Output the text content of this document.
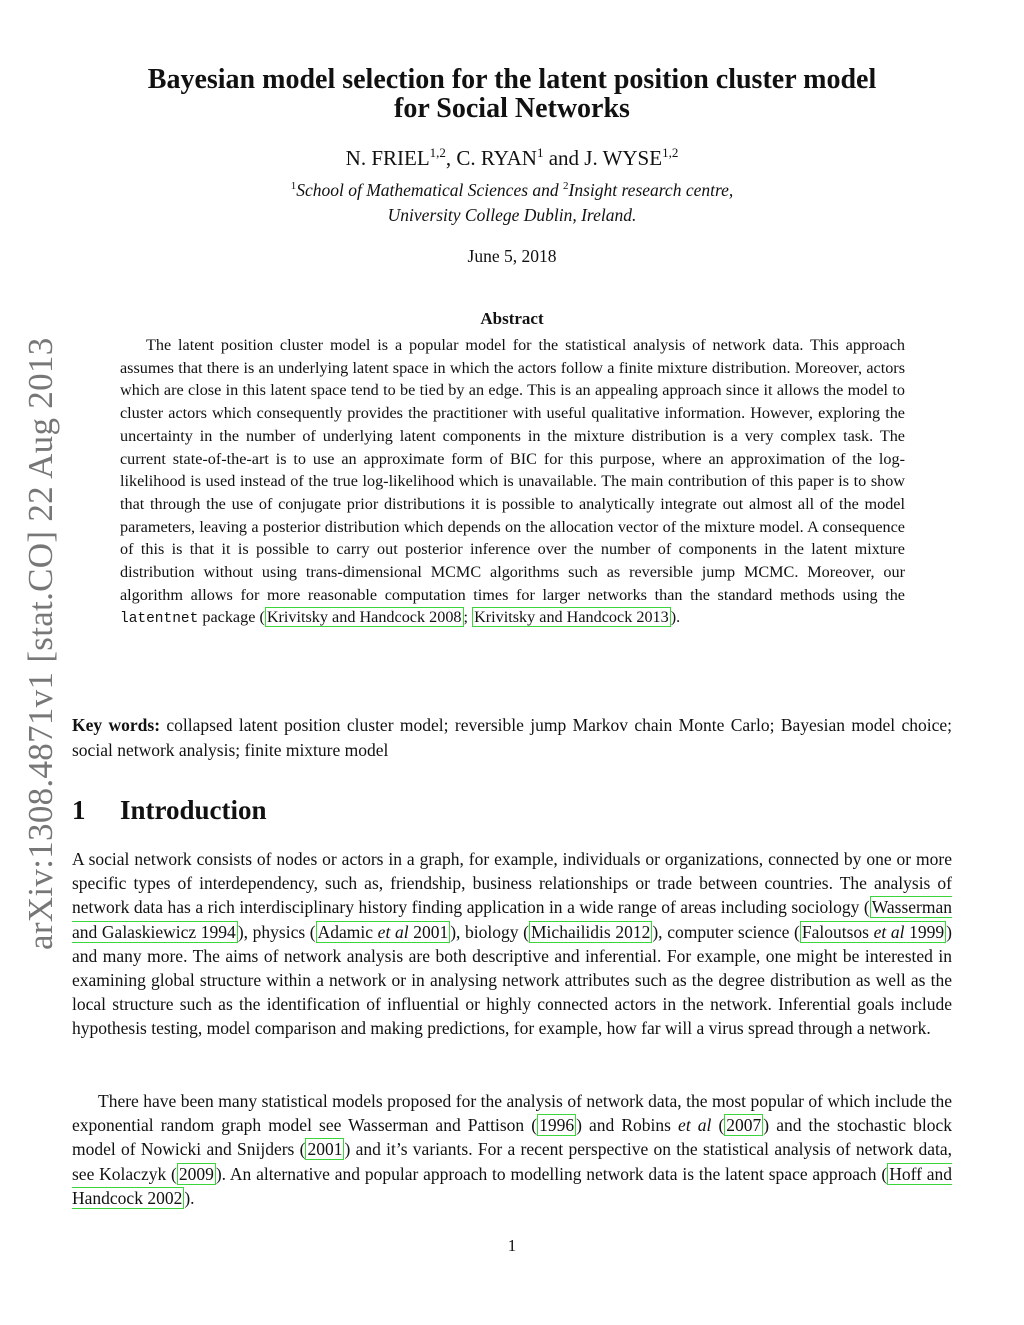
arXiv:1308.4871v1 [stat.CO] 22 Aug 2013
Bayesian model selection for the latent position cluster model
for Social Networks
N. FRIEL$^{1,2}$, C. RYAN$^1$ and J. WYSE$^{1,2}$
$^1$School of Mathematical Sciences and $^2$Insight research centre,
University College Dublin, Ireland.
June 5, 2018
Abstract

The latent position cluster model is a popular model for the statistical analysis of network data. This approach assumes that there is an underlying latent space in which the actors follow a finite mixture distribution. Moreover, actors which are close in this latent space tend to be tied by an edge. This is an appealing approach since it allows the model to cluster actors which consequently provides the practitioner with useful qualitative information. However, exploring the uncertainty in the number of underlying latent components in the mixture distribution is a very complex task. The current state-of-the-art is to use an approximate form of BIC for this purpose, where an approximation of the log-likelihood is used instead of the true log-likelihood which is unavailable. The main contribution of this paper is to show that through the use of conjugate prior distributions it is possible to analytically integrate out almost all of the model parameters, leaving a posterior distribution which depends on the allocation vector of the mixture model. A consequence of this is that it is possible to carry out posterior inference over the number of components in the latent mixture distribution without using trans-dimensional MCMC algorithms such as reversible jump MCMC. Moreover, our algorithm allows for more reasonable computation times for larger networks than the standard methods using the latentnet package ( Krivitsky and Handcock 2008 ; Krivitsky and Handcock 2013 ).

Key words: collapsed latent position cluster model; reversible jump Markov chain Monte Carlo; Bayesian model choice; social network analysis; finite mixture model

1 Introduction

A social network consists of nodes or actors in a graph, for example, individuals or organizations, connected by one or more specific types of interdependency, such as, friendship, business relationships or trade between countries. The analysis of network data has a rich interdisciplinary history finding application in a wide range of areas including sociology ( Wasserman and Galaskiewicz 1994 ), physics ( Adamic et al 2001 ), biology ( Michailidis 2012 ), computer science ( Faloutsos et al 1999 ) and many more. The aims of network analysis are both descriptive and inferential. For example, one might be interested in examining global structure within a network or in analysing network attributes such as the degree distribution as well as the local structure such as the identification of influential or highly connected actors in the network. Inferential goals include hypothesis testing, model comparison and making predictions, for example, how far will a virus spread through a network.

There have been many statistical models proposed for the analysis of network data, the most popular of which include the exponential random graph model see Wasserman and Pattison ( 1996 ) and Robins et al ( 2007 ) and the stochastic block model of Nowicki and Snijders ( 2001 ) and it’s variants. For a recent perspective on the statistical analysis of network data, see Kolaczyk ( 2009 ). An alternative and popular approach to modelling network data is the latent space approach ( Hoff and Handcock 2002 ).

1
